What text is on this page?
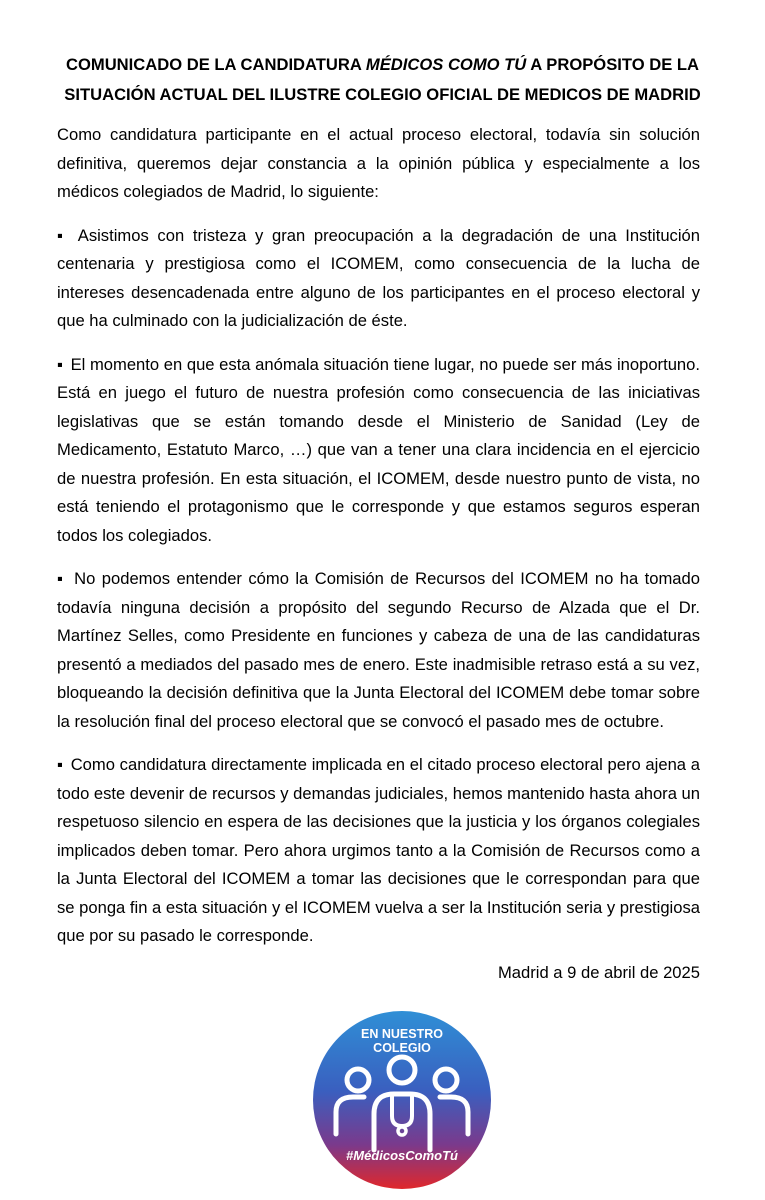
COMUNICADO DE LA CANDIDATURA MÉDICOS COMO TÚ A PROPÓSITO DE LA
SITUACIÓN ACTUAL DEL ILUSTRE COLEGIO OFICIAL DE MEDICOS DE MADRID

Como candidatura participante en el actual proceso electoral, todavía sin solución definitiva, queremos dejar constancia a la opinión pública y especialmente a los médicos colegiados de Madrid, lo siguiente:

▪ Asistimos con tristeza y gran preocupación a la degradación de una Institución centenaria y prestigiosa como el ICOMEM, como consecuencia de la lucha de intereses desencadenada entre alguno de los participantes en el proceso electoral y que ha culminado con la judicialización de éste.

▪ El momento en que esta anómala situación tiene lugar, no puede ser más inoportuno. Está en juego el futuro de nuestra profesión como consecuencia de las iniciativas legislativas que se están tomando desde el Ministerio de Sanidad (Ley de Medicamento, Estatuto Marco, …) que van a tener una clara incidencia en el ejercicio de nuestra profesión. En esta situación, el ICOMEM, desde nuestro punto de vista, no está teniendo el protagonismo que le corresponde y que estamos seguros esperan todos los colegiados.

▪ No podemos entender cómo la Comisión de Recursos del ICOMEM no ha tomado todavía ninguna decisión a propósito del segundo Recurso de Alzada que el Dr. Martínez Selles, como Presidente en funciones y cabeza de una de las candidaturas presentó a mediados del pasado mes de enero. Este inadmisible retraso está a su vez, bloqueando la decisión definitiva que la Junta Electoral del ICOMEM debe tomar sobre la resolución final del proceso electoral que se convocó el pasado mes de octubre.

▪ Como candidatura directamente implicada en el citado proceso electoral pero ajena a todo este devenir de recursos y demandas judiciales, hemos mantenido hasta ahora un respetuoso silencio en espera de las decisiones que la justicia y los órganos colegiales implicados deben tomar. Pero ahora urgimos tanto a la Comisión de Recursos como a la Junta Electoral del ICOMEM a tomar las decisiones que le correspondan para que se ponga fin a esta situación y el ICOMEM vuelva a ser la Institución seria y prestigiosa que por su pasado le corresponde.

Madrid a 9 de abril de 2025

EN NUESTRO
COLEGIO
#MédicosComoTú
